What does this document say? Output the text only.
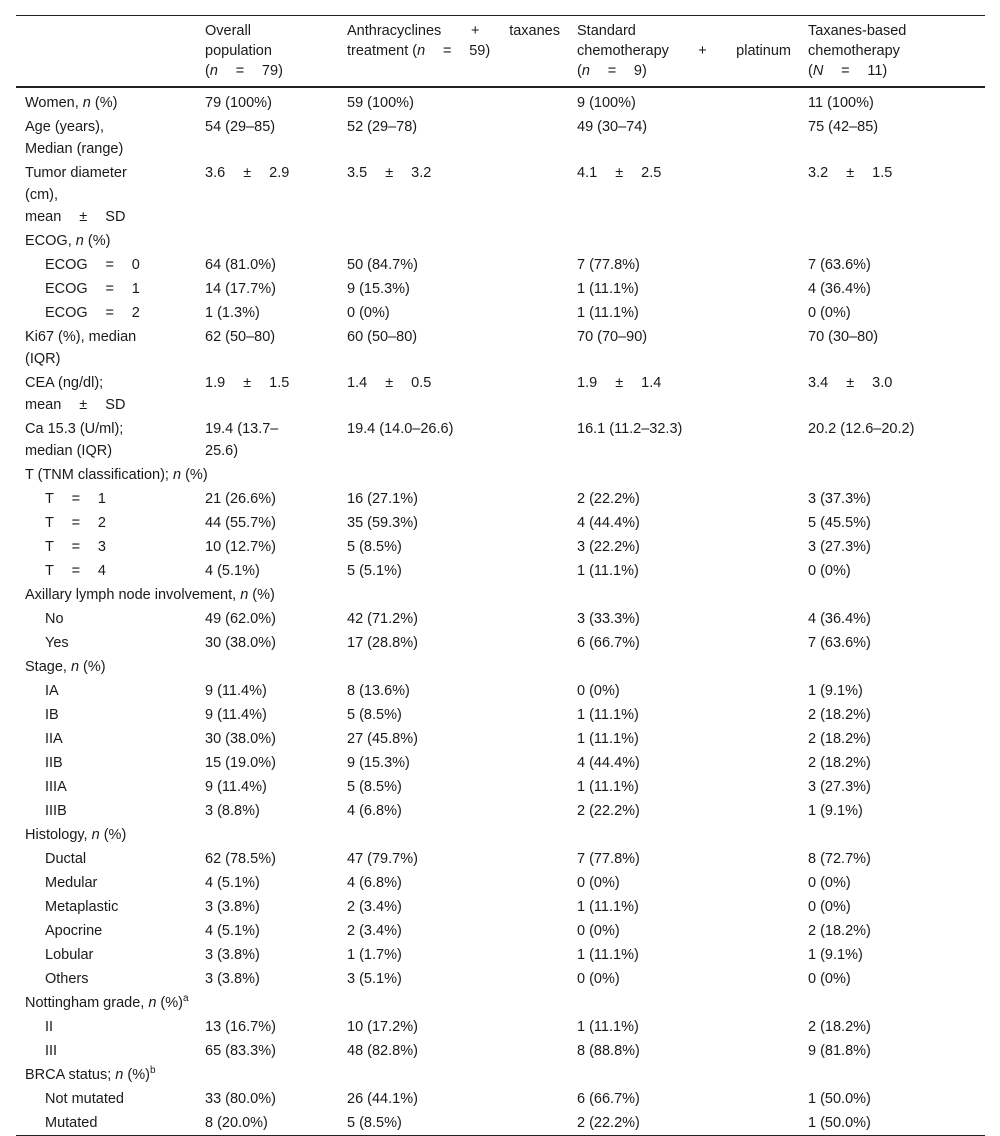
	Overall
population
(n = 79)	Anthracyclines + taxanes
treatment (n = 59)	Standard
chemotherapy + platinum
(n = 9)	Taxanes-based
chemotherapy
(N = 11)

Women, n (%)	79 (100%)	59 (100%)	9 (100%)	11 (100%)

Age (years),
Median (range)	54 (29–85)	52 (29–78)	49 (30–74)	75 (42–85)

Tumor diameter
(cm),
mean ± SD	3.6 ± 2.9	3.5 ± 3.2	4.1 ± 2.5	3.2 ± 1.5
ECOG, n (%)				
ECOG = 0	64 (81.0%)	50 (84.7%)	7 (77.8%)	7 (63.6%)
ECOG = 1	14 (17.7%)	9 (15.3%)	1 (11.1%)	4 (36.4%)
ECOG = 2	1 (1.3%)	0 (0%)	1 (11.1%)	0 (0%)

Ki67 (%), median
(IQR)	62 (50–80)	60 (50–80)	70 (70–90)	70 (30–80)

CEA (ng/dl);
mean ± SD	1.9 ± 1.5	1.4 ± 0.5	1.9 ± 1.4	3.4 ± 3.0

Ca 15.3 (U/ml);
median (IQR)	19.4 (13.7–
25.6)	19.4 (14.0–26.6)	16.1 (11.2–32.3)	20.2 (12.6–20.2)
T (TNM classification); n (%)				
T = 1	21 (26.6%)	16 (27.1%)	2 (22.2%)	3 (37.3%)
T = 2	44 (55.7%)	35 (59.3%)	4 (44.4%)	5 (45.5%)
T = 3	10 (12.7%)	5 (8.5%)	3 (22.2%)	3 (27.3%)
T = 4	4 (5.1%)	5 (5.1%)	1 (11.1%)	0 (0%)
Axillary lymph node involvement, n (%)				
No	49 (62.0%)	42 (71.2%)	3 (33.3%)	4 (36.4%)
Yes	30 (38.0%)	17 (28.8%)	6 (66.7%)	7 (63.6%)
Stage, n (%)				
IA	9 (11.4%)	8 (13.6%)	0 (0%)	1 (9.1%)
IB	9 (11.4%)	5 (8.5%)	1 (11.1%)	2 (18.2%)
IIA	30 (38.0%)	27 (45.8%)	1 (11.1%)	2 (18.2%)
IIB	15 (19.0%)	9 (15.3%)	4 (44.4%)	2 (18.2%)
IIIA	9 (11.4%)	5 (8.5%)	1 (11.1%)	3 (27.3%)
IIIB	3 (8.8%)	4 (6.8%)	2 (22.2%)	1 (9.1%)
Histology, n (%)				
Ductal	62 (78.5%)	47 (79.7%)	7 (77.8%)	8 (72.7%)
Medular	4 (5.1%)	4 (6.8%)	0 (0%)	0 (0%)
Metaplastic	3 (3.8%)	2 (3.4%)	1 (11.1%)	0 (0%)
Apocrine	4 (5.1%)	2 (3.4%)	0 (0%)	2 (18.2%)
Lobular	3 (3.8%)	1 (1.7%)	1 (11.1%)	1 (9.1%)
Others	3 (3.8%)	3 (5.1%)	0 (0%)	0 (0%)
Nottingham grade, n (%)$^a$
II	13 (16.7%)	10 (17.2%)	1 (11.1%)	2 (18.2%)
III	65 (83.3%)	48 (82.8%)	8 (88.8%)	9 (81.8%)
BRCA status; n (%)$^b$
Not mutated	33 (80.0%)	26 (44.1%)	6 (66.7%)	1 (50.0%)
Mutated	8 (20.0%)	5 (8.5%)	2 (22.2%)	1 (50.0%)
